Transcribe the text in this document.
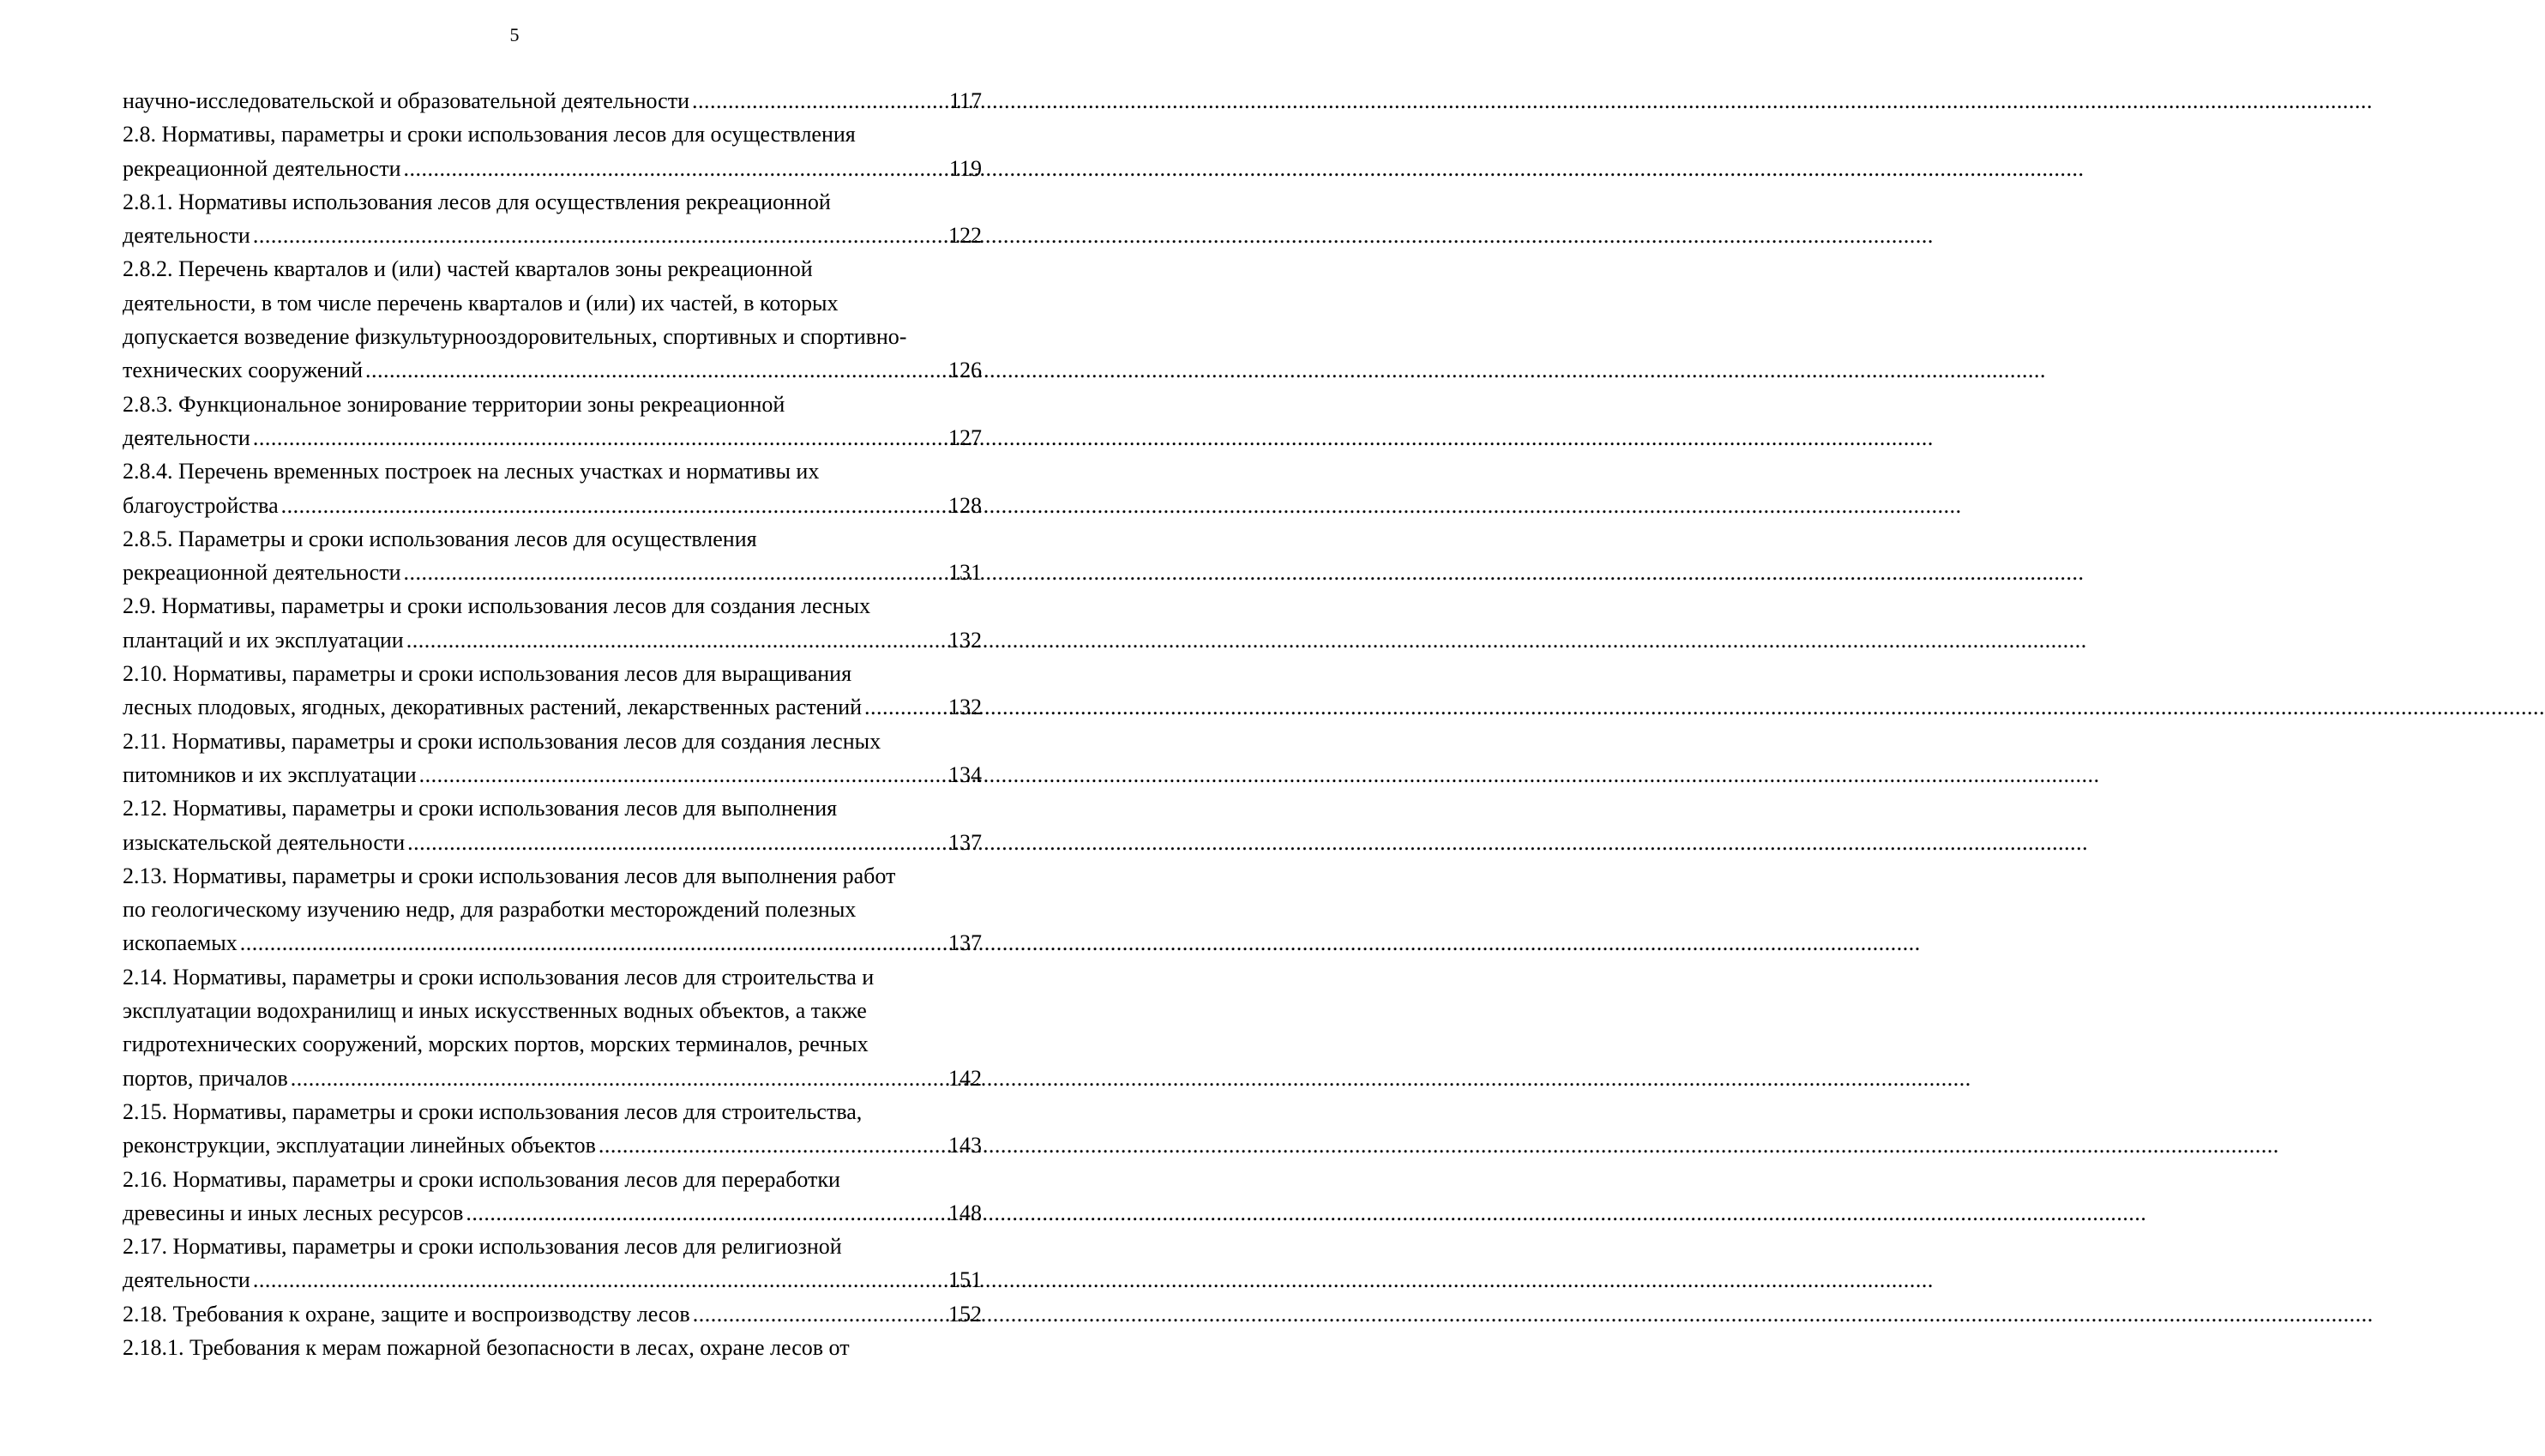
5
научно-исследовательской и образовательной деятельности .....	117
2.8. Нормативы, параметры и сроки использования лесов для осуществления
рекреационной деятельности .....	119
2.8.1. Нормативы использования лесов для осуществления рекреационной
деятельности .....	122
2.8.2. Перечень кварталов и (или) частей кварталов зоны рекреационной
деятельности, в том числе перечень кварталов и (или) их частей, в которых
допускается возведение физкультурнооздоровительных, спортивных и спортивно-
технических сооружений .....	126
2.8.3. Функциональное зонирование территории зоны рекреационной
деятельности .....	127
2.8.4. Перечень временных построек на лесных участках и нормативы их
благоустройства .....	128
2.8.5. Параметры и сроки использования лесов для осуществления
рекреационной деятельности .....	131
2.9. Нормативы, параметры и сроки использования лесов для создания лесных
плантаций и их эксплуатации .....	132
2.10. Нормативы, параметры и сроки использования лесов для выращивания
лесных плодовых, ягодных, декоративных растений, лекарственных растений .....	132
2.11. Нормативы, параметры и сроки использования лесов для создания лесных
питомников и их эксплуатации .....	134
2.12. Нормативы, параметры и сроки использования лесов для выполнения
изыскательской деятельности .....	137
2.13. Нормативы, параметры и сроки использования лесов для выполнения работ
по геологическому изучению недр, для разработки месторождений полезных
ископаемых .....	137
2.14. Нормативы, параметры и сроки использования лесов для строительства и
эксплуатации водохранилищ и иных искусственных водных объектов, а также
гидротехнических сооружений, морских портов, морских терминалов, речных
портов, причалов .....	142
2.15. Нормативы, параметры и сроки использования лесов для строительства,
реконструкции, эксплуатации линейных объектов .....	143
2.16. Нормативы, параметры и сроки использования лесов для переработки
древесины и иных лесных ресурсов .....	148
2.17. Нормативы, параметры и сроки использования лесов для религиозной
деятельности .....	151
2.18. Требования к охране, защите и воспроизводству лесов .....	152
2.18.1. Требования к мерам пожарной безопасности в лесах, охране лесов от
